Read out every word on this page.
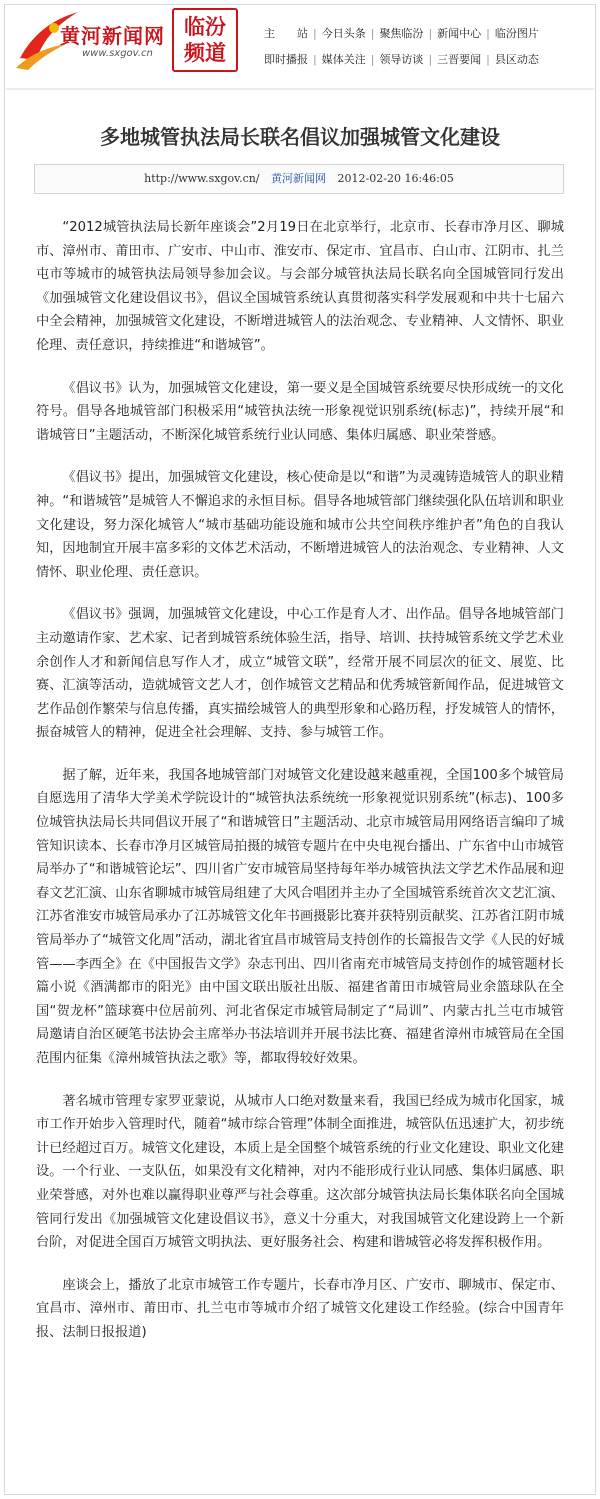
黄河新闻网
www.sxgov.cn
临汾频道
主　　站 | 今日头条 | 聚焦临汾 | 新闻中心 | 临汾图片
即时播报 | 媒体关注 | 领导访谈 | 三晋要闻 | 县区动态
多地城管执法局长联名倡议加强城管文化建设
http://www.sxgov.cn/ 黄河新闻网 2012-02-20 16:46:05

“2012城管执法局长新年座谈会”2月19日在北京举行，北京市、长春市净月区、聊城市、漳州市、莆田市、广安市、中山市、淮安市、保定市、宜昌市、白山市、江阴市、扎兰屯市等城市的城管执法局领导参加会议。与会部分城管执法局长联名向全国城管同行发出《加强城管文化建设倡议书》，倡议全国城管系统认真贯彻落实科学发展观和中共十七届六中全会精神，加强城管文化建设，不断增进城管人的法治观念、专业精神、人文情怀、职业伦理、责任意识，持续推进“和谐城管”。

《倡议书》认为，加强城管文化建设，第一要义是全国城管系统要尽快形成统一的文化符号。倡导各地城管部门积极采用“城管执法统一形象视觉识别系统(标志)”，持续开展“和谐城管日”主题活动，不断深化城管系统行业认同感、集体归属感、职业荣誉感。

《倡议书》提出，加强城管文化建设，核心使命是以“和谐”为灵魂铸造城管人的职业精神。“和谐城管”是城管人不懈追求的永恒目标。倡导各地城管部门继续强化队伍培训和职业文化建设，努力深化城管人“城市基础功能设施和城市公共空间秩序维护者”角色的自我认知，因地制宜开展丰富多彩的文体艺术活动，不断增进城管人的法治观念、专业精神、人文情怀、职业伦理、责任意识。

《倡议书》强调，加强城管文化建设，中心工作是育人才、出作品。倡导各地城管部门主动邀请作家、艺术家、记者到城管系统体验生活，指导、培训、扶持城管系统文学艺术业余创作人才和新闻信息写作人才，成立“城管文联”，经常开展不同层次的征文、展览、比赛、汇演等活动，造就城管文艺人才，创作城管文艺精品和优秀城管新闻作品，促进城管文艺作品创作繁荣与信息传播，真实描绘城管人的典型形象和心路历程，抒发城管人的情怀，振奋城管人的精神，促进全社会理解、支持、参与城管工作。

据了解，近年来，我国各地城管部门对城管文化建设越来越重视，全国100多个城管局自愿选用了清华大学美术学院设计的“城管执法系统统一形象视觉识别系统”(标志)、100多位城管执法局长共同倡议开展了“和谐城管日”主题活动、北京市城管局用网络语言编印了城管知识读本、长春市净月区城管局拍摄的城管专题片在中央电视台播出、广东省中山市城管局举办了“和谐城管论坛”、四川省广安市城管局坚持每年举办城管执法文学艺术作品展和迎春文艺汇演、山东省聊城市城管局组建了大风合唱团并主办了全国城管系统首次文艺汇演、江苏省淮安市城管局承办了江苏城管文化年书画摄影比赛并获特别贡献奖、江苏省江阴市城管局举办了“城管文化周”活动，湖北省宜昌市城管局支持创作的长篇报告文学《人民的好城管——李西全》在《中国报告文学》杂志刊出、四川省南充市城管局支持创作的城管题材长篇小说《酒满都市的阳光》由中国文联出版社出版、福建省莆田市城管局业余篮球队在全国“贺龙杯”篮球赛中位居前列、河北省保定市城管局制定了“局训”、内蒙古扎兰屯市城管局邀请自治区硬笔书法协会主席举办书法培训并开展书法比赛、福建省漳州市城管局在全国范围内征集《漳州城管执法之歌》等，都取得较好效果。

著名城市管理专家罗亚蒙说，从城市人口绝对数量来看，我国已经成为城市化国家，城市工作开始步入管理时代，随着“城市综合管理”体制全面推进，城管队伍迅速扩大，初步统计已经超过百万。城管文化建设，本质上是全国整个城管系统的行业文化建设、职业文化建设。一个行业、一支队伍，如果没有文化精神，对内不能形成行业认同感、集体归属感、职业荣誉感，对外也难以赢得职业尊严与社会尊重。这次部分城管执法局长集体联名向全国城管同行发出《加强城管文化建设倡议书》，意义十分重大，对我国城管文化建设跨上一个新台阶，对促进全国百万城管文明执法、更好服务社会、构建和谐城管必将发挥积极作用。

座谈会上，播放了北京市城管工作专题片，长春市净月区、广安市、聊城市、保定市、宜昌市、漳州市、莆田市、扎兰屯市等城市介绍了城管文化建设工作经验。(综合中国青年报、法制日报报道)
